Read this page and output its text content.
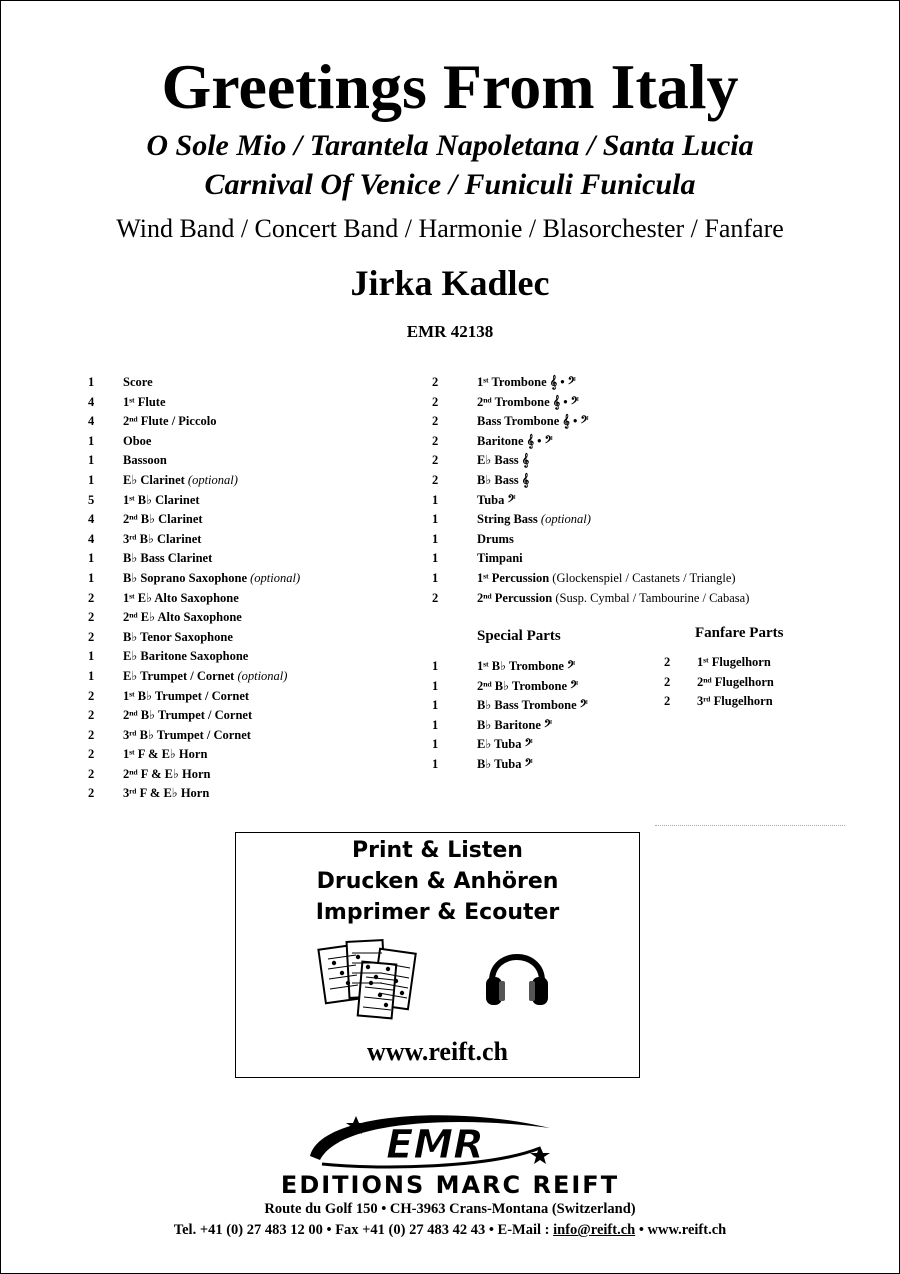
Greetings From Italy
O Sole Mio / Tarantela Napoletana / Santa Lucia
Carnival Of Venice / Funiculi Funicula
Wind Band / Concert Band / Harmonie / Blasorchester / Fanfare
Jirka Kadlec
EMR 42138
1 Score
4 1ˢᵗ Flute
4 2ⁿᵈ Flute / Piccolo
1 Oboe
1 Bassoon
1 E♭ Clarinet (optional)
5 1ˢᵗ B♭ Clarinet
4 2ⁿᵈ B♭ Clarinet
4 3ʳᵈ B♭ Clarinet
1 B♭ Bass Clarinet
1 B♭ Soprano Saxophone (optional)
2 1ˢᵗ E♭ Alto Saxophone
2 2ⁿᵈ E♭ Alto Saxophone
2 B♭ Tenor Saxophone
1 E♭ Baritone Saxophone
1 E♭ Trumpet / Cornet (optional)
2 1ˢᵗ B♭ Trumpet / Cornet
2 2ⁿᵈ B♭ Trumpet / Cornet
2 3ʳᵈ B♭ Trumpet / Cornet
2 1ˢᵗ F & E♭ Horn
2 2ⁿᵈ F & E♭ Horn
2 3ʳᵈ F & E♭ Horn
2	1ˢᵗ Trombone 𝄞 • 𝄢
2	2ⁿᵈ Trombone 𝄞 • 𝄢
2	Bass Trombone 𝄞 • 𝄢
2	Baritone 𝄞 • 𝄢
2	E♭ Bass 𝄞
2	B♭ Bass 𝄞
1	Tuba 𝄢
1	String Bass (optional)
1	Drums
1	Timpani
1	1ˢᵗ Percussion (Glockenspiel / Castanets / Triangle)
2	2ⁿᵈ Percussion (Susp. Cymbal / Tambourine / Cabasa)
Special Parts
1	1ˢᵗ B♭ Trombone 𝄢
1	2ⁿᵈ B♭ Trombone 𝄢
1	B♭ Bass Trombone 𝄢
1	B♭ Baritone 𝄢
1	E♭ Tuba 𝄢
1	B♭ Tuba 𝄢
Fanfare Parts
2 1ˢᵗ Flugelhorn
2 2ⁿᵈ Flugelhorn
2 3ʳᵈ Flugelhorn
Print & Listen
Drucken & Anhören
Imprimer & Ecouter
www.reift.ch
EMR
EDITIONS MARC REIFT
Route du Golf 150 • CH-3963 Crans-Montana (Switzerland)
Tel. +41 (0) 27 483 12 00 • Fax +41 (0) 27 483 42 43 • E-Mail : info@reift.ch • www.reift.ch
